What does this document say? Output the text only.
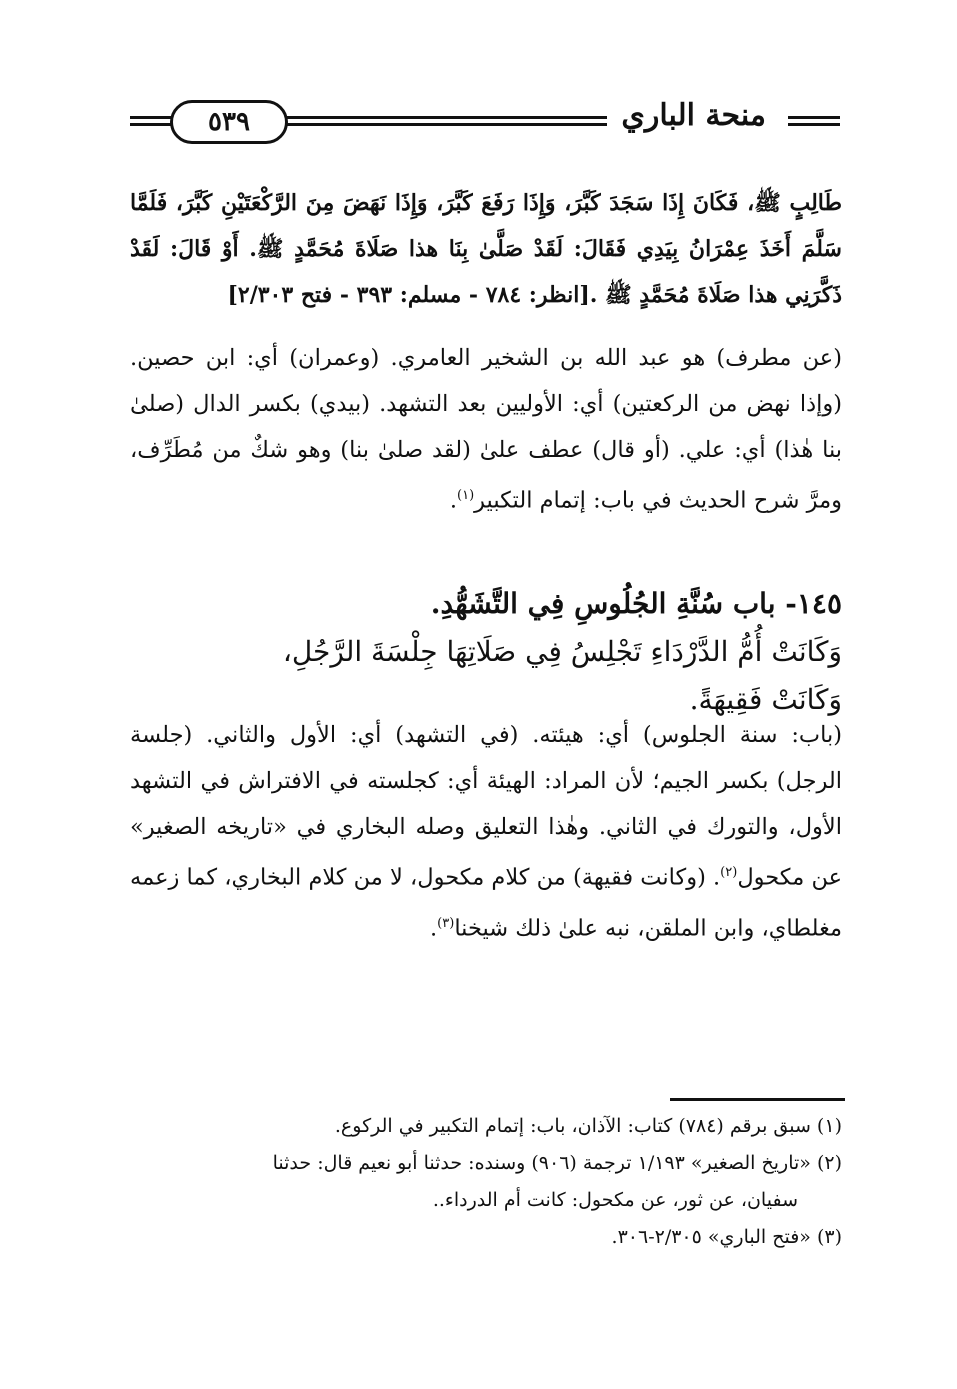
منحة الباري
٥٣٩
طَالِبٍ ﷺ، فَكَانَ إِذَا سَجَدَ كَبَّرَ، وَإِذَا رَفَعَ كَبَّرَ، وَإِذَا نَهَضَ مِنَ الرَّكْعَتَيْنِ كَبَّرَ، فَلَمَّا سَلَّمَ أَخَذَ عِمْرَانُ بِيَدِي فَقَالَ: لَقَدْ صَلَّىٰ بِنَا هذا صَلَاةَ مُحَمَّدٍ ﷺ. أَوْ قَالَ: لَقَدْ ذَكَّرَنِي هذا صَلَاةَ مُحَمَّدٍ ﷺ .[انظر: ٧٨٤ - مسلم: ٣٩٣ - فتح ٢/٣٠٣]
(عن مطرف) هو عبد الله بن الشخير العامري. (وعمران) أي: ابن حصين. (وإذا نهض من الركعتين) أي: الأوليين بعد التشهد. (بيدي) بكسر الدال (صلىٰ بنا هٰذا) أي: علي. (أو قال) عطف علىٰ (لقد صلىٰ بنا) وهو شكٌ من مُطَرِّف، ومرَّ شرح الحديث في باب: إتمام التكبير$^{(١)}$.
١٤٥- باب سُنَّةِ الجُلُوسِ فِي التَّشَهُّدِ.
وَكَانَتْ أُمُّ الدَّرْدَاءِ تَجْلِسُ فِي صَلَاتِهَا جِلْسَةَ الرَّجُلِ،
وَكَانَتْ فَقِيهَةً.
(باب: سنة الجلوس) أي: هيئته. (في التشهد) أي: الأول والثاني. (جلسة الرجل) بكسر الجيم؛ لأن المراد: الهيئة أي: كجلسته في الافتراش في التشهد الأول، والتورك في الثاني. وهٰذا التعليق وصله البخاري في «تاريخه الصغير» عن مكحول$^{(٢)}$. (وكانت فقيهة) من كلام مكحول، لا من كلام البخاري، كما زعمه مغلطاي، وابن الملقن، نبه علىٰ ذلك شيخنا$^{(٣)}$.
(١) سبق برقم (٧٨٤) كتاب: الآذان، باب: إتمام التكبير في الركوع.
(٢) «تاريخ الصغير» ١/١٩٣ ترجمة (٩٠٦) وسنده: حدثنا أبو نعيم قال: حدثنا
سفيان، عن ثور، عن مكحول: كانت أم الدرداء..
(٣) «فتح الباري» ٢/٣٠٥-٣٠٦.
